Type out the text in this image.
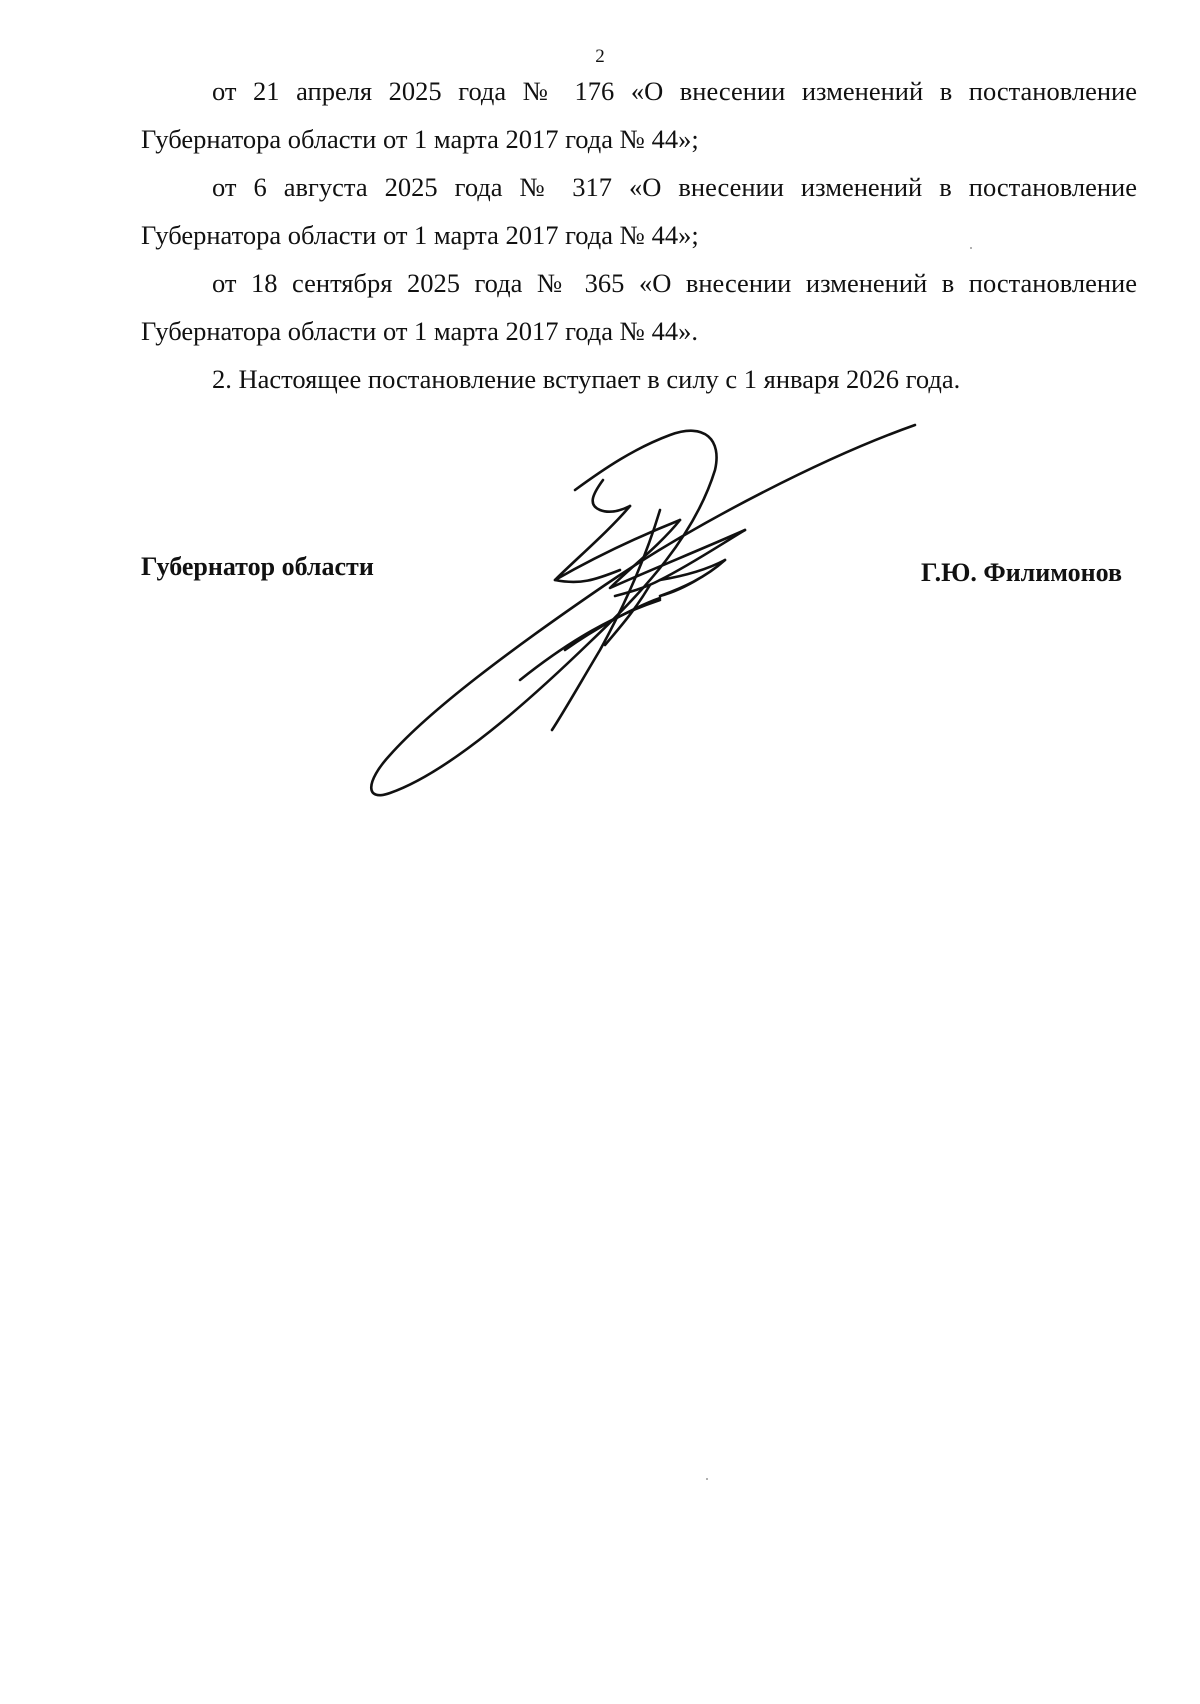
2

от 21 апреля 2025 года № 176 «О внесении изменений в постановление Губернатора области от 1 марта 2017 года № 44»;

от 6 августа 2025 года № 317 «О внесении изменений в постановление Губернатора области от 1 марта 2017 года № 44»;

от 18 сентября 2025 года № 365 «О внесении изменений в постановление Губернатора области от 1 марта 2017 года № 44».

2. Настоящее постановление вступает в силу с 1 января 2026 года.

Губернатор области	Г.Ю. Филимонов
